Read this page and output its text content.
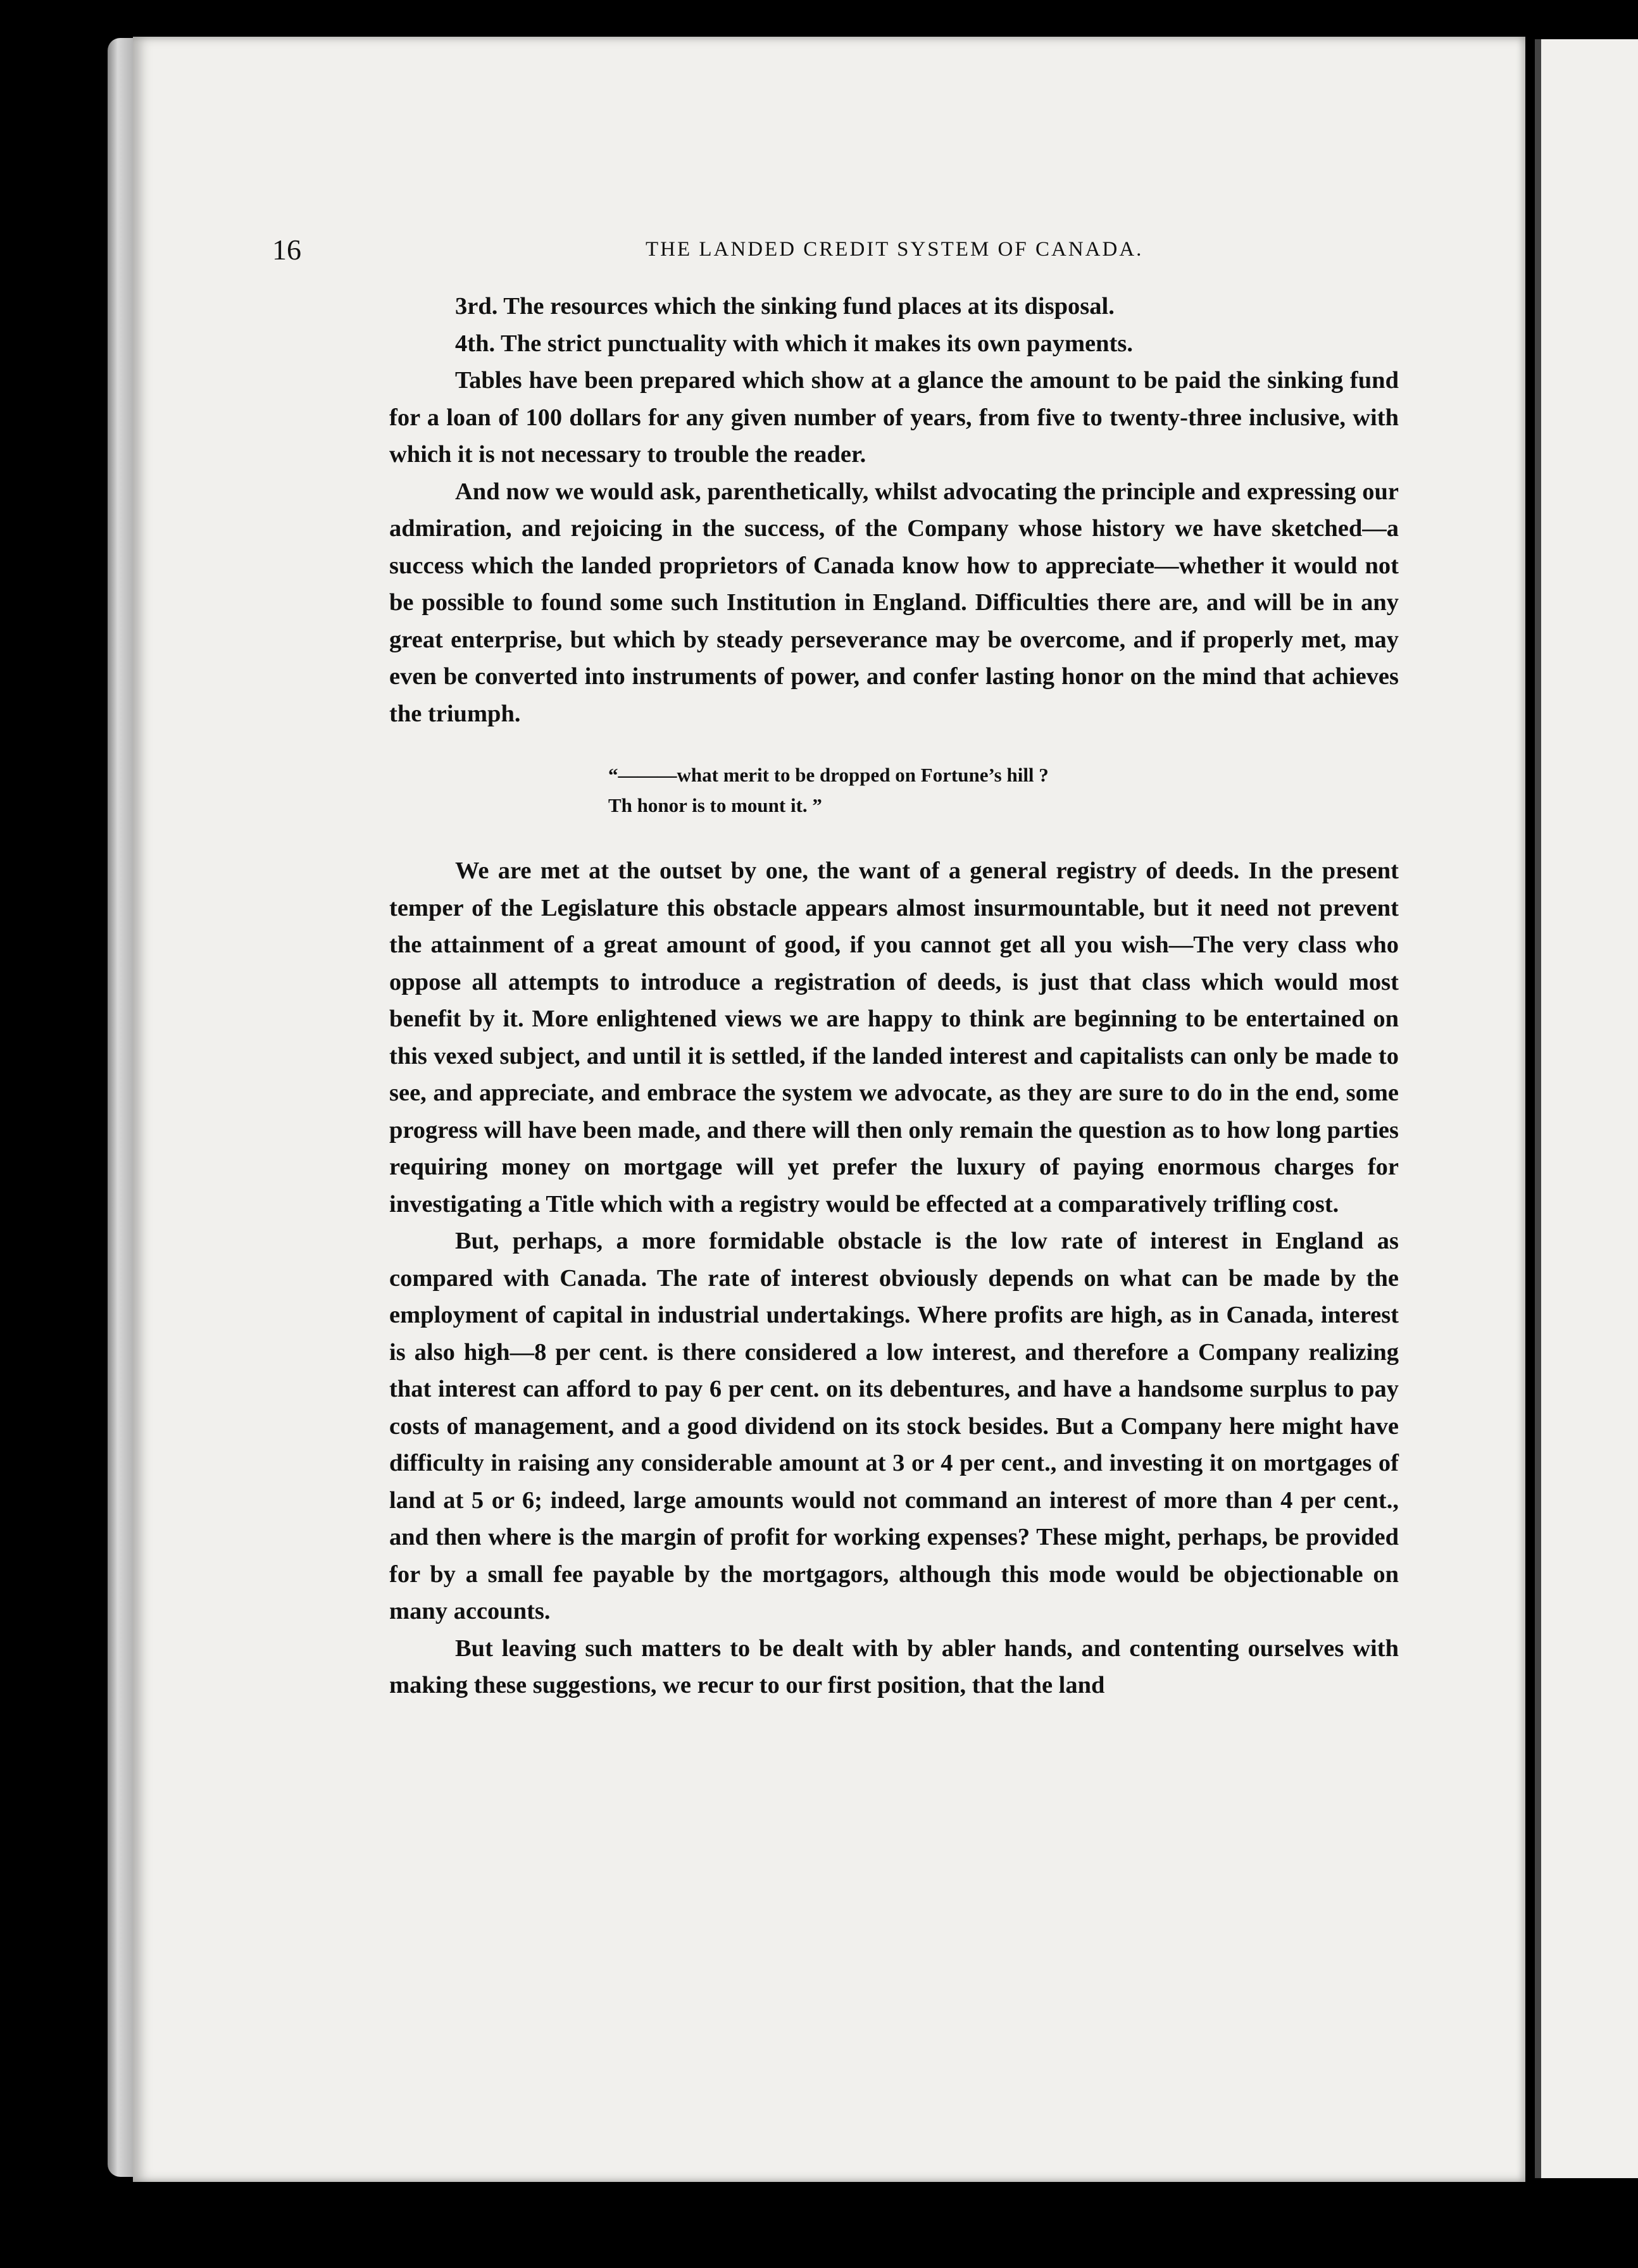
16	THE LANDED CREDIT SYSTEM OF CANADA.

3rd. The resources which the sinking fund places at its disposal.

4th. The strict punctuality with which it makes its own payments.

Tables have been prepared which show at a glance the amount to be paid the sinking fund for a loan of 100 dollars for any given number of years, from five to twenty-three inclusive, with which it is not necessary to trouble the reader.

And now we would ask, parenthetically, whilst advocating the principle and expressing our admiration, and rejoicing in the success, of the Company whose history we have sketched—a success which the landed proprietors of Canada know how to appreciate—whether it would not be possible to found some such Institution in England. Difficulties there are, and will be in any great enterprise, but which by steady perseverance may be overcome, and if properly met, may even be converted into instruments of power, and confer lasting honor on the mind that achieves the triumph.

“———what merit to be dropped on Fortune’s hill ?
Th honor is to mount it. ”

We are met at the outset by one, the want of a general registry of deeds. In the present temper of the Legislature this obstacle appears almost insurmountable, but it need not prevent the attainment of a great amount of good, if you cannot get all you wish—The very class who oppose all attempts to introduce a registration of deeds, is just that class which would most benefit by it. More enlightened views we are happy to think are beginning to be entertained on this vexed subject, and until it is settled, if the landed interest and capitalists can only be made to see, and appreciate, and embrace the system we advocate, as they are sure to do in the end, some progress will have been made, and there will then only remain the question as to how long parties requiring money on mortgage will yet prefer the luxury of paying enormous charges for investigating a Title which with a registry would be effected at a comparatively trifling cost.

But, perhaps, a more formidable obstacle is the low rate of interest in England as compared with Canada. The rate of interest obviously depends on what can be made by the employment of capital in industrial undertakings. Where profits are high, as in Canada, interest is also high—8 per cent. is there considered a low interest, and therefore a Company realizing that interest can afford to pay 6 per cent. on its debentures, and have a handsome surplus to pay costs of management, and a good dividend on its stock besides. But a Company here might have difficulty in raising any considerable amount at 3 or 4 per cent., and investing it on mortgages of land at 5 or 6; indeed, large amounts would not command an interest of more than 4 per cent., and then where is the margin of profit for working expenses? These might, perhaps, be provided for by a small fee payable by the mortgagors, although this mode would be objectionable on many accounts.

But leaving such matters to be dealt with by abler hands, and contenting ourselves with making these suggestions, we recur to our first position, that the land
